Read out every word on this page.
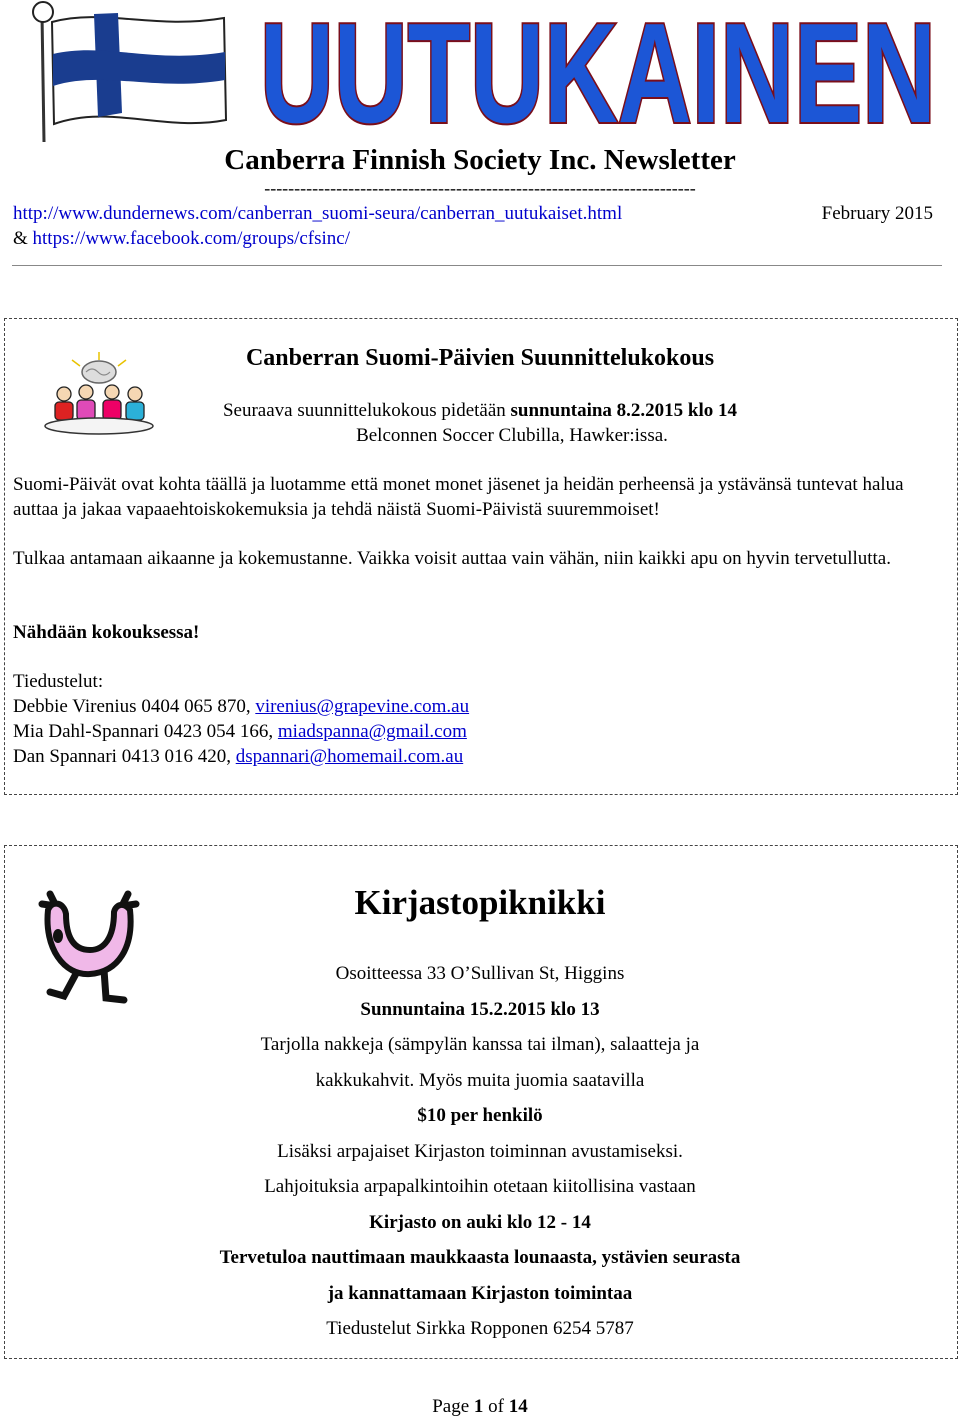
UUTUKAINEN
Canberra Finnish Society Inc. Newsletter
------------------------------------------------------------------------
http://www.dundernews.com/canberran_suomi-seura/canberran_uutukaiset.html	February 2015
& https://www.facebook.com/groups/cfsinc/
Canberran Suomi-Päivien Suunnittelukokous
Seuraava suunnittelukokous pidetään sunnuntaina 8.2.2015 klo 14
Belconnen Soccer Clubilla, Hawker:issa.
Suomi-Päivät ovat kohta täällä ja luotamme että monet monet jäsenet ja heidän perheensä ja ystävänsä tuntevat halua auttaa ja jakaa vapaaehtoiskokemuksia ja tehdä näistä Suomi-Päivistä suuremmoiset!
Tulkaa antamaan aikaanne ja kokemustanne. Vaikka voisit auttaa vain vähän, niin kaikki apu on hyvin tervetullutta.
Nähdään kokouksessa!
Tiedustelut:
Debbie Virenius 0404 065 870, virenius@grapevine.com.au
Mia Dahl-Spannari 0423 054 166, miadspanna@gmail.com
Dan Spannari 0413 016 420, dspannari@homemail.com.au
Kirjastopiknikki
Osoitteessa 33 O’Sullivan St, Higgins
Sunnuntaina 15.2.2015 klo 13
Tarjolla nakkeja (sämpylän kanssa tai ilman), salaatteja ja
kakkukahvit. Myös muita juomia saatavilla
$10 per henkilö
Lisäksi arpajaiset Kirjaston toiminnan avustamiseksi.
Lahjoituksia arpapalkintoihin otetaan kiitollisina vastaan
Kirjasto on auki klo 12 - 14
Tervetuloa nauttimaan maukkaasta lounaasta, ystävien seurasta
ja kannattamaan Kirjaston toimintaa
Tiedustelut Sirkka Ropponen 6254 5787
Page 1 of 14
